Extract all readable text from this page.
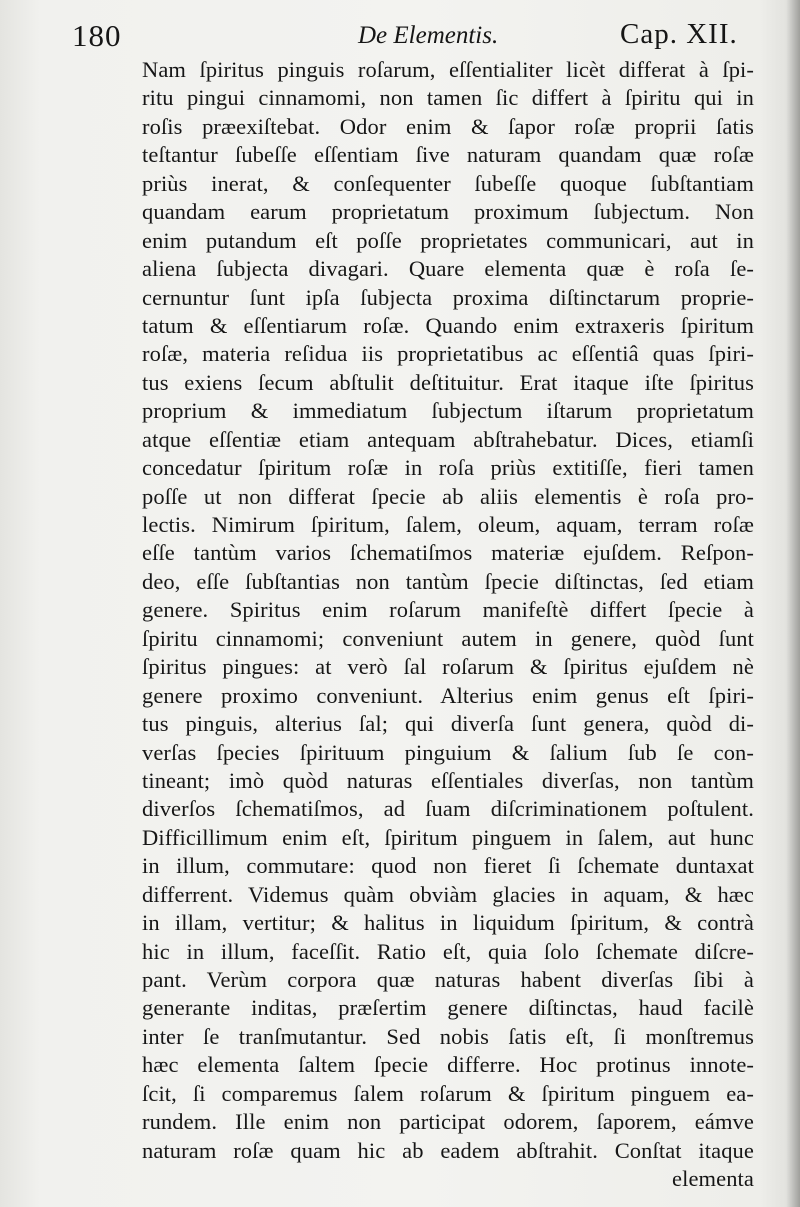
180	De Elementis.	Cap. XII.
Nam ſpiritus pinguis roſarum, eſſentialiter licèt differat à ſpi-
ritu pingui cinnamomi, non tamen ſic differt à ſpiritu qui in
roſis præexiſtebat. Odor enim & ſapor roſæ proprii ſatis
teſtantur ſubeſſe eſſentiam ſive naturam quandam quæ roſæ
priùs inerat, & conſequenter ſubeſſe quoque ſubſtantiam
quandam earum proprietatum proximum ſubjectum. Non
enim putandum eſt poſſe proprietates communicari, aut in
aliena ſubjecta divagari. Quare elementa quæ è roſa ſe-
cernuntur ſunt ipſa ſubjecta proxima diſtinctarum proprie-
tatum & eſſentiarum roſæ. Quando enim extraxeris ſpiritum
roſæ, materia reſidua iis proprietatibus ac eſſentiâ quas ſpiri-
tus exiens ſecum abſtulit deſtituitur. Erat itaque iſte ſpiritus
proprium & immediatum ſubjectum iſtarum proprietatum
atque eſſentiæ etiam antequam abſtrahebatur. Dices, etiamſi
concedatur ſpiritum roſæ in roſa priùs extitiſſe, fieri tamen
poſſe ut non differat ſpecie ab aliis elementis è roſa pro-
lectis. Nimirum ſpiritum, ſalem, oleum, aquam, terram roſæ
eſſe tantùm varios ſchematiſmos materiæ ejuſdem. Reſpon-
deo, eſſe ſubſtantias non tantùm ſpecie diſtinctas, ſed etiam
genere. Spiritus enim roſarum manifeſtè differt ſpecie à
ſpiritu cinnamomi; conveniunt autem in genere, quòd ſunt
ſpiritus pingues: at verò ſal roſarum & ſpiritus ejuſdem nè
genere proximo conveniunt. Alterius enim genus eſt ſpiri-
tus pinguis, alterius ſal; qui diverſa ſunt genera, quòd di-
verſas ſpecies ſpirituum pinguium & ſalium ſub ſe con-
tineant; imò quòd naturas eſſentiales diverſas, non tantùm
diverſos ſchematiſmos, ad ſuam diſcriminationem poſtulent.
Difficillimum enim eſt, ſpiritum pinguem in ſalem, aut hunc
in illum, commutare: quod non fieret ſi ſchemate duntaxat
differrent. Videmus quàm obviàm glacies in aquam, & hæc
in illam, vertitur; & halitus in liquidum ſpiritum, & contrà
hic in illum, faceſſit. Ratio eſt, quia ſolo ſchemate diſcre-
pant. Verùm corpora quæ naturas habent diverſas ſibi à
generante inditas, præſertim genere diſtinctas, haud facilè
inter ſe tranſmutantur. Sed nobis ſatis eſt, ſi monſtremus
hæc elementa ſaltem ſpecie differre. Hoc protinus innote-
ſcit, ſi comparemus ſalem roſarum & ſpiritum pinguem ea-
rundem. Ille enim non participat odorem, ſaporem, eámve
naturam roſæ quam hic ab eadem abſtrahit. Conſtat itaque
elementa
